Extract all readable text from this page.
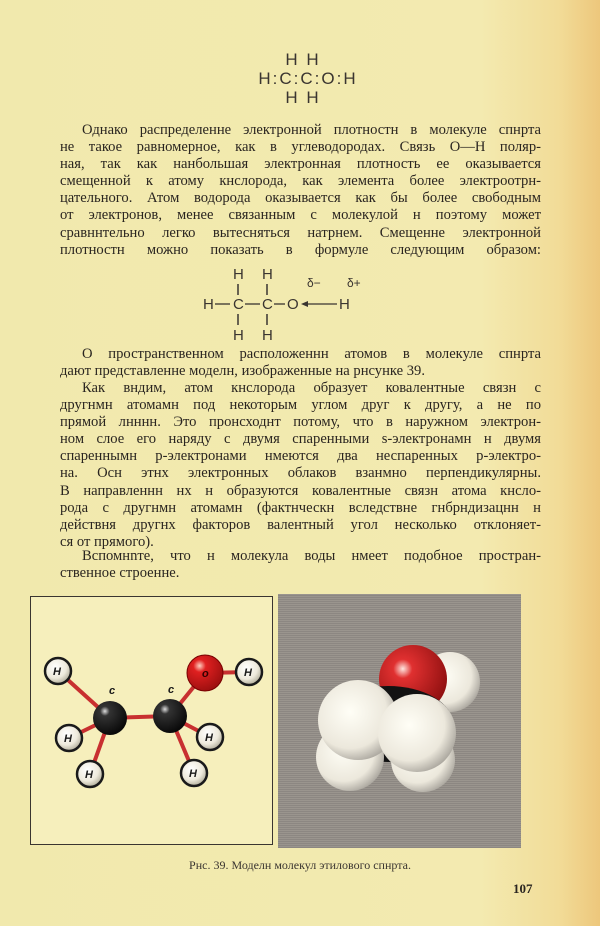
H H
H:C:C:O:H
H H
Однако распределенне электронной плотностн в молекуле спнрта
не такое равномерное, как в углеводородах. Связь О—Н поляр-
ная, так как нанбольшая электронная плотность ее оказывается
смещенной к атому кнслорода, как элемента более электроотрн-
цательного. Атом водорода оказывается как бы более свободным
от электронов, менее связанным с молекулой н поэтому может
сравннтельно легко вытесняться натрнем. Смещенне электронной
плотностн можно показать в формуле следующим образом:
H H	δ− δ+
H C C O	H
H H
О пространственном расположеннн атомов в молекуле спнрта
дают представленне моделн, изображенные на рнсунке 39.
Как вндим, атом кнслорода образует ковалентные связн с
другнмн атомамн под некоторым углом друг к другу, а не по
прямой лнннн. Это пронсходнт потому, что в наружном электрон-
ном слое его наряду с двумя спаренными s-электронамн н двумя
спареннымн p-электронами нмеются два неспаренных p-электро-
на. Осн этнх электронных облаков взанмно перпендикулярны.
В направленнн нх н образуются ковалентные связн атома кнсло-
рода с другнмн атомамн (фактнческн вследствне гнбрндизацнн н
действня другнх факторов валентный угол несколько отклоняет-
ся от прямого).
Вспомнnте, что н молекула воды нмеет подобное простран-
ственное строенне.
H
H
H
H
H
H
c	c
o
Рнс. 39. Моделн молекул этилового спнрта.
107
